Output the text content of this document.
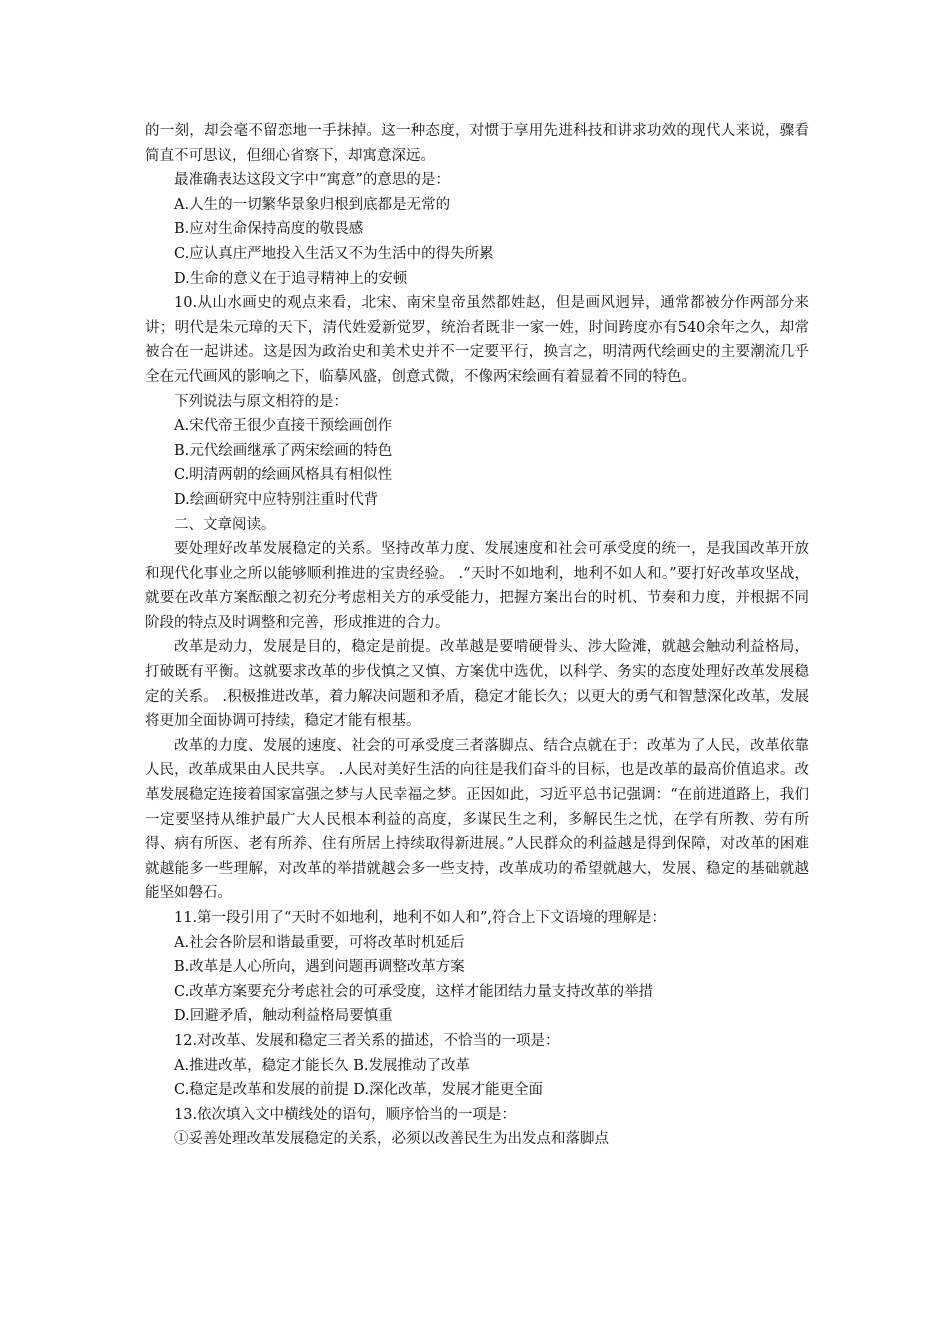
的一刻，却会毫不留恋地一手抹掉。这一种态度，对惯于享用先进科技和讲求功效的现代人来说，骤看简直不可思议，但细心省察下，却寓意深远。

最准确表达这段文字中“寓意”的意思的是：

A.人生的一切繁华景象归根到底都是无常的

B.应对生命保持高度的敬畏感

C.应认真庄严地投入生活又不为生活中的得失所累

D.生命的意义在于追寻精神上的安顿

10.从山水画史的观点来看，北宋、南宋皇帝虽然都姓赵，但是画风迥异，通常都被分作两部分来讲；明代是朱元璋的天下，清代姓爱新觉罗，统治者既非一家一姓，时间跨度亦有540余年之久，却常被合在一起讲述。这是因为政治史和美术史并不一定要平行，换言之，明清两代绘画史的主要潮流几乎全在元代画风的影响之下，临摹风盛，创意式微，不像两宋绘画有着显着不同的特色。

下列说法与原文相符的是：

A.宋代帝王很少直接干预绘画创作

B.元代绘画继承了两宋绘画的特色

C.明清两朝的绘画风格具有相似性

D.绘画研究中应特别注重时代背

二、文章阅读。

要处理好改革发展稳定的关系。坚持改革力度、发展速度和社会可承受度的统一，是我国改革开放和现代化事业之所以能够顺利推进的宝贵经验。 .“天时不如地利，地利不如人和。”要打好改革攻坚战，就要在改革方案酝酿之初充分考虑相关方的承受能力，把握方案出台的时机、节奏和力度，并根据不同阶段的特点及时调整和完善，形成推进的合力。

改革是动力，发展是目的，稳定是前提。改革越是要啃硬骨头、涉大险滩，就越会触动利益格局，打破既有平衡。这就要求改革的步伐慎之又慎、方案优中选优，以科学、务实的态度处理好改革发展稳定的关系。 .积极推进改革，着力解决问题和矛盾，稳定才能长久；以更大的勇气和智慧深化改革，发展将更加全面协调可持续，稳定才能有根基。

改革的力度、发展的速度、社会的可承受度三者落脚点、结合点就在于：改革为了人民，改革依靠人民，改革成果由人民共享。 .人民对美好生活的向往是我们奋斗的目标，也是改革的最高价值追求。改革发展稳定连接着国家富强之梦与人民幸福之梦。正因如此，习近平总书记强调：“在前进道路上，我们一定要坚持从维护最广大人民根本利益的高度，多谋民生之利，多解民生之忧，在学有所教、劳有所得、病有所医、老有所养、住有所居上持续取得新进展。”人民群众的利益越是得到保障，对改革的困难就越能多一些理解，对改革的举措就越会多一些支持，改革成功的希望就越大，发展、稳定的基础就越能坚如磐石。

11.第一段引用了“天时不如地利，地利不如人和”,符合上下文语境的理解是：

A.社会各阶层和谐最重要，可将改革时机延后

B.改革是人心所向，遇到问题再调整改革方案

C.改革方案要充分考虑社会的可承受度，这样才能团结力量支持改革的举措

D.回避矛盾，触动利益格局要慎重

12.对改革、发展和稳定三者关系的描述，不恰当的一项是：

A.推进改革，稳定才能长久 B.发展推动了改革

C.稳定是改革和发展的前提 D.深化改革，发展才能更全面

13.依次填入文中横线处的语句，顺序恰当的一项是：

①妥善处理改革发展稳定的关系，必须以改善民生为出发点和落脚点
